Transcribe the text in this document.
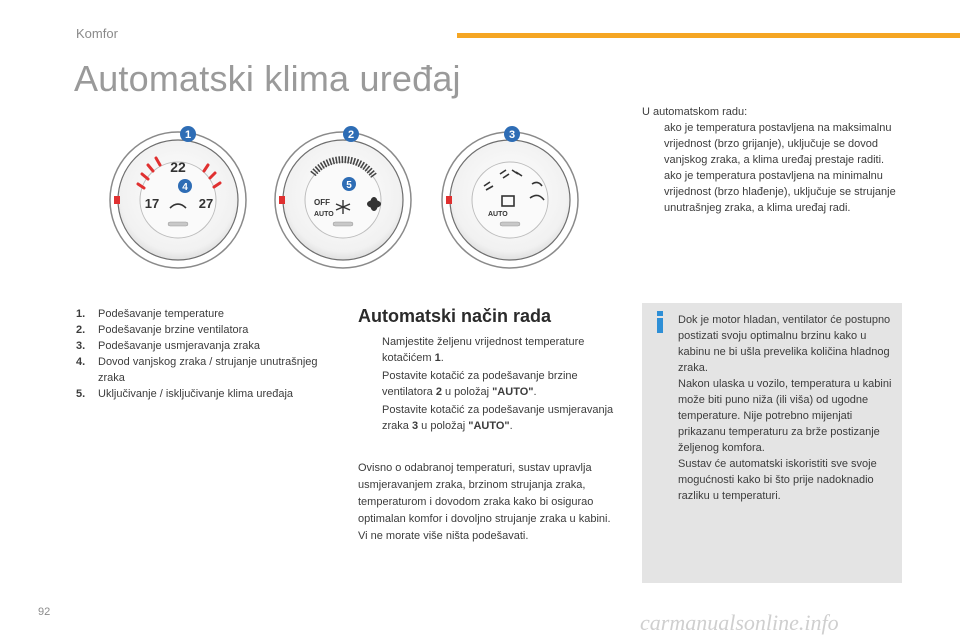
Komfor
Automatski klima uređaj
22
17	27
1
4
OFF
AUTO
2
5
AUTO
3
U automatskom radu:
ako je temperatura postavljena na maksimalnu vrijednost (brzo grijanje), uključuje se dovod vanjskog zraka, a klima uređaj prestaje raditi.
ako je temperatura postavljena na minimalnu vrijednost (brzo hlađenje), uključuje se strujanje unutrašnjeg zraka, a klima uređaj radi.
1.	Podešavanje temperature
2.	Podešavanje brzine ventilatora
3.	Podešavanje usmjeravanja zraka
4.	Dovod vanjskog zraka / strujanje unutrašnjeg zraka
5.	Uključivanje / isključivanje klima uređaja
Automatski način rada
Namjestite željenu vrijednost temperature kotačićem 1.
Postavite kotačić za podešavanje brzine ventilatora 2 u položaj "AUTO".
Postavite kotačić za podešavanje usmjeravanja zraka 3 u položaj "AUTO".
Ovisno o odabranoj temperaturi, sustav upravlja usmjeravanjem zraka, brzinom strujanja zraka, temperaturom i dovodom zraka kako bi osigurao optimalan komfor i dovoljno strujanje zraka u kabini. Vi ne morate više ništa podešavati.
Dok je motor hladan, ventilator će postupno postizati svoju optimalnu brzinu kako u kabinu ne bi ušla prevelika količina hladnog zraka.
Nakon ulaska u vozilo, temperatura u kabini može biti puno niža (ili viša) od ugodne temperature. Nije potrebno mijenjati prikazanu temperaturu za brže postizanje željenog komfora.
Sustav će automatski iskoristiti sve svoje mogućnosti kako bi što prije nadoknadio razliku u temperaturi.
92	carmanualsonline.info
